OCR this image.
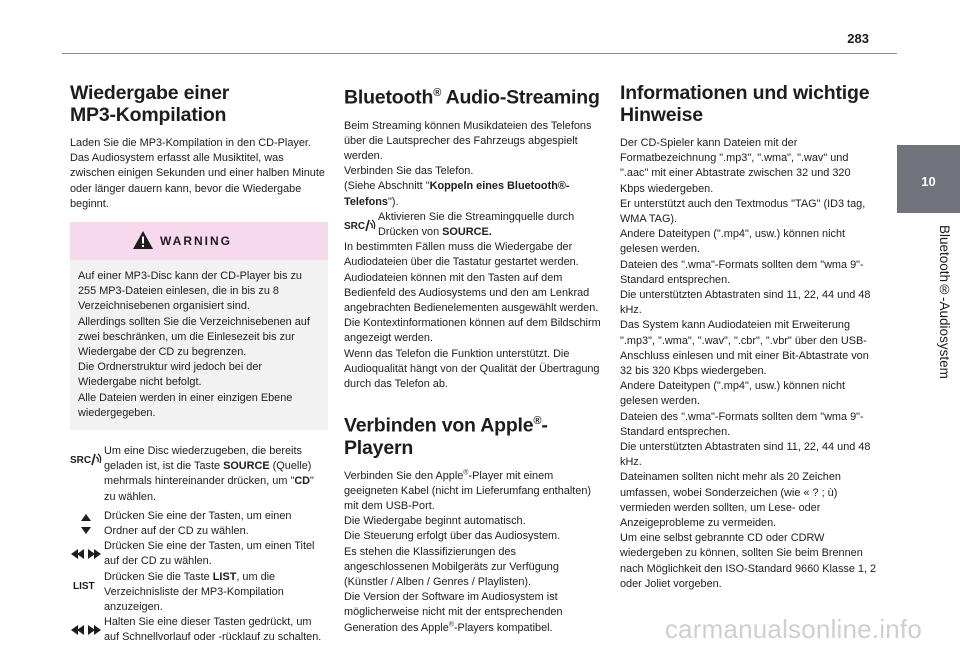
283
10
Bluetooth®-Audiosystem
Wiedergabe einer
MP3-Kompilation
Laden Sie die MP3-Kompilation in den CD-Player.
Das Audiosystem erfasst alle Musiktitel, was zwischen einigen Sekunden und einer halben Minute oder länger dauern kann, bevor die Wiedergabe beginnt.
WARNING
Auf einer MP3-Disc kann der CD-Player bis zu 255 MP3-Dateien einlesen, die in bis zu 8 Verzeichnisebenen organisiert sind.
Allerdings sollten Sie die Verzeichnisebenen auf zwei beschränken, um die Einlesezeit bis zur Wiedergabe der CD zu begrenzen.
Die Ordnerstruktur wird jedoch bei der Wiedergabe nicht befolgt.
Alle Dateien werden in einer einzigen Ebene wiedergegeben.
SRC
Um eine Disc wiederzugeben, die bereits geladen ist, ist die Taste SOURCE (Quelle) mehrmals hintereinander drücken, um "CD" zu wählen.
Drücken Sie eine der Tasten, um einen Ordner auf der CD zu wählen.
Drücken Sie eine der Tasten, um einen Titel auf der CD zu wählen.
LIST
Drücken Sie die Taste LIST, um die Verzeichnisliste der MP3-Kompilation anzuzeigen.
Halten Sie eine dieser Tasten gedrückt, um auf Schnellvorlauf oder -rücklauf zu schalten.
Bluetooth® Audio-Streaming
Beim Streaming können Musikdateien des Telefons über die Lautsprecher des Fahrzeugs abgespielt werden.
Verbinden Sie das Telefon.
(Siehe Abschnitt "Koppeln eines Bluetooth®-Telefons").
SRC
Aktivieren Sie die Streamingquelle durch Drücken von SOURCE.
In bestimmten Fällen muss die Wiedergabe der Audiodateien über die Tastatur gestartet werden.
Audiodateien können mit den Tasten auf dem Bedienfeld des Audiosystems und den am Lenkrad angebrachten Bedienelementen ausgewählt werden.
Die Kontextinformationen können auf dem Bildschirm angezeigt werden.
Wenn das Telefon die Funktion unterstützt. Die Audioqualität hängt von der Qualität der Übertragung durch das Telefon ab.
Verbinden von Apple®-Playern
Verbinden Sie den Apple®-Player mit einem geeigneten Kabel (nicht im Lieferumfang enthalten) mit dem USB-Port.
Die Wiedergabe beginnt automatisch.
Die Steuerung erfolgt über das Audiosystem.
Es stehen die Klassifizierungen des angeschlossenen Mobilgeräts zur Verfügung (Künstler / Alben / Genres / Playlisten).
Die Version der Software im Audiosystem ist möglicherweise nicht mit der entsprechenden Generation des Apple®-Players kompatibel.
Informationen und wichtige
Hinweise
Der CD-Spieler kann Dateien mit der Formatbezeichnung ".mp3", ".wma", ".wav" und ".aac" mit einer Abtastrate zwischen 32 und 320 Kbps wiedergeben.
Er unterstützt auch den Textmodus "TAG" (ID3 tag, WMA TAG).
Andere Dateitypen (".mp4", usw.) können nicht gelesen werden.
Dateien des ".wma"-Formats sollten dem "wma 9"-Standard entsprechen.
Die unterstützten Abtastraten sind 11, 22, 44 und 48 kHz.
Das System kann Audiodateien mit Erweiterung ".mp3", ".wma", ".wav", ".cbr", ".vbr" über den USB-Anschluss einlesen und mit einer Bit-Abtastrate von 32 bis 320 Kbps wiedergeben.
Andere Dateitypen (".mp4", usw.) können nicht gelesen werden.
Dateien des ".wma"-Formats sollten dem "wma 9"-Standard entsprechen.
Die unterstützten Abtastraten sind 11, 22, 44 und 48 kHz.
Dateinamen sollten nicht mehr als 20 Zeichen umfassen, wobei Sonderzeichen (wie « ? ; ù) vermieden werden sollten, um Lese- oder Anzeigeprobleme zu vermeiden.
Um eine selbst gebrannte CD oder CDRW wiedergeben zu können, sollten Sie beim Brennen nach Möglichkeit den ISO-Standard 9660 Klasse 1, 2 oder Joliet vorgeben.
carmanualsonline.info
